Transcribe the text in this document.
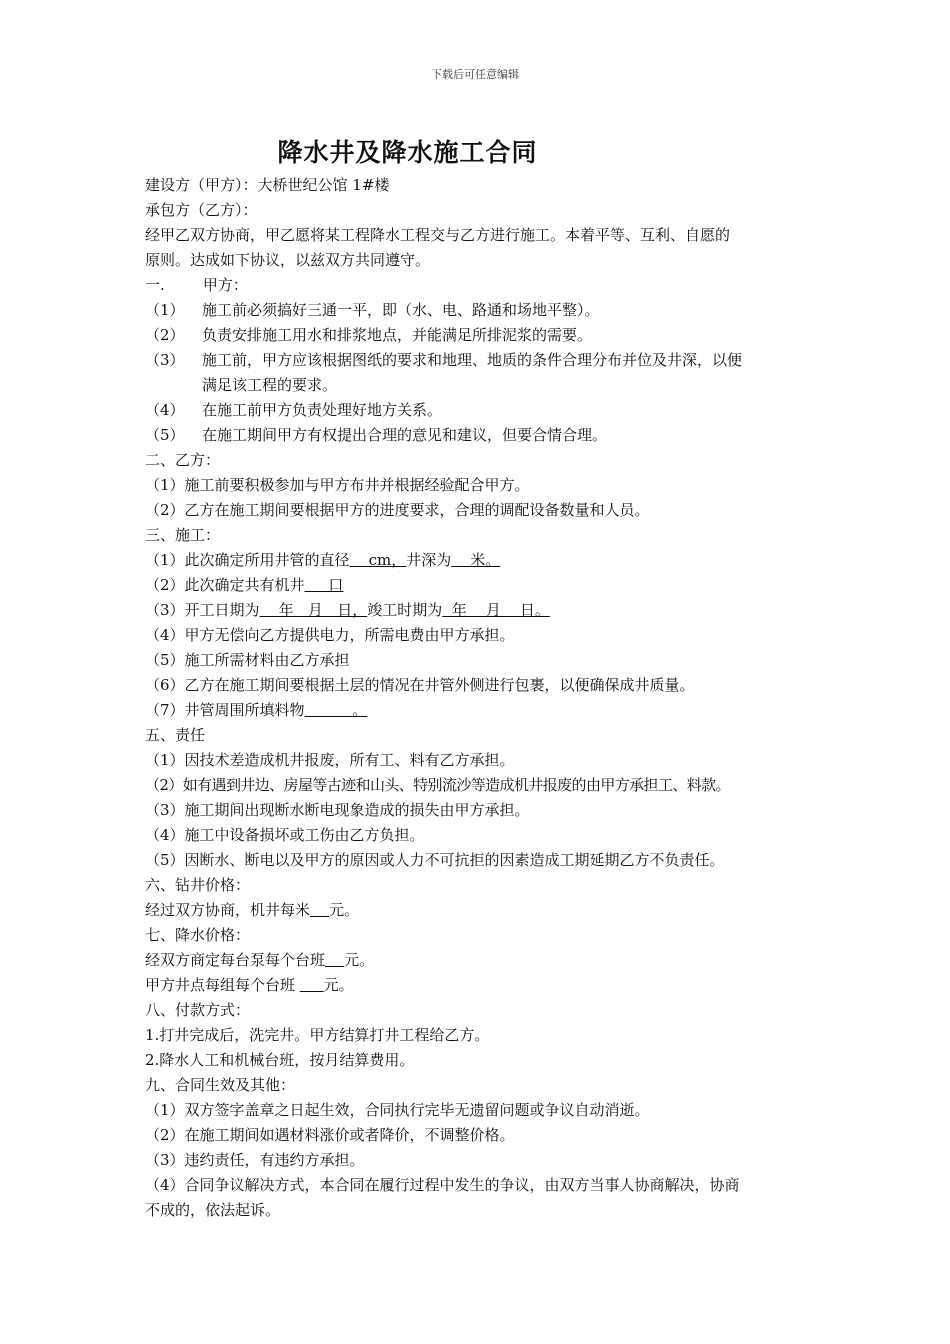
下载后可任意编辑
降水井及降水施工合同
建设方（甲方）：大桥世纪公馆 1#楼
承包方（乙方）：
经甲乙双方协商，甲乙愿将某工程降水工程交与乙方进行施工。本着平等、互利、自愿的
原则。达成如下协议，以兹双方共同遵守。
一.        甲方：
（1）	施工前必须搞好三通一平，即（水、电、路通和场地平整）。
（2）	负责安排施工用水和排浆地点，并能满足所排泥浆的需要。
（3）	施工前，甲方应该根据图纸的要求和地理、地质的条件合理分布并位及井深，以便
满足该工程的要求。
（4）	在施工前甲方负责处理好地方关系。
（5）	在施工期间甲方有权提出合理的意见和建议，但要合情合理。
二、乙方：
（1）施工前要积极参加与甲方布井并根据经验配合甲方。
（2）乙方在施工期间要根据甲方的进度要求，合理的调配设备数量和人员。
三、施工：
（1）此次确定所用井管的直径    cm，井深为    米。
（2）此次确定共有机井     口
（3）开工日期为    年   月   日，竣工时期为  年    月    日。
（4）甲方无偿向乙方提供电力，所需电费由甲方承担。
（5）施工所需材料由乙方承担
（6）乙方在施工期间要根据土层的情况在井管外侧进行包裹，以便确保成井质量。
（7）井管周围所填料物          。
五、责任
（1）因技术差造成机井报废，所有工、料有乙方承担。
（2）如有遇到井边、房屋等古迹和山头、特别流沙等造成机井报废的由甲方承担工、料款。
（3）施工期间出现断水断电现象造成的损失由甲方承担。
（4）施工中设备损坏或工伤由乙方负担。
（5）因断水、断电以及甲方的原因或人力不可抗拒的因素造成工期延期乙方不负责任。
六、钻井价格：
经过双方协商，机井每米 元。
七、降水价格：
经双方商定每台泵每个台班 元。
甲方井点每组每个台班      元。
八、付款方式：
1.打井完成后，洗完井。甲方结算打井工程给乙方。
2.降水人工和机械台班，按月结算费用。
九、合同生效及其他：
（1）双方签字盖章之日起生效，合同执行完毕无遗留问题或争议自动消逝。
（2）在施工期间如遇材料涨价或者降价，不调整价格。
（3）违约责任，有违约方承担。
（4）合同争议解决方式，本合同在履行过程中发生的争议，由双方当事人协商解决，协商
不成的，依法起诉。
